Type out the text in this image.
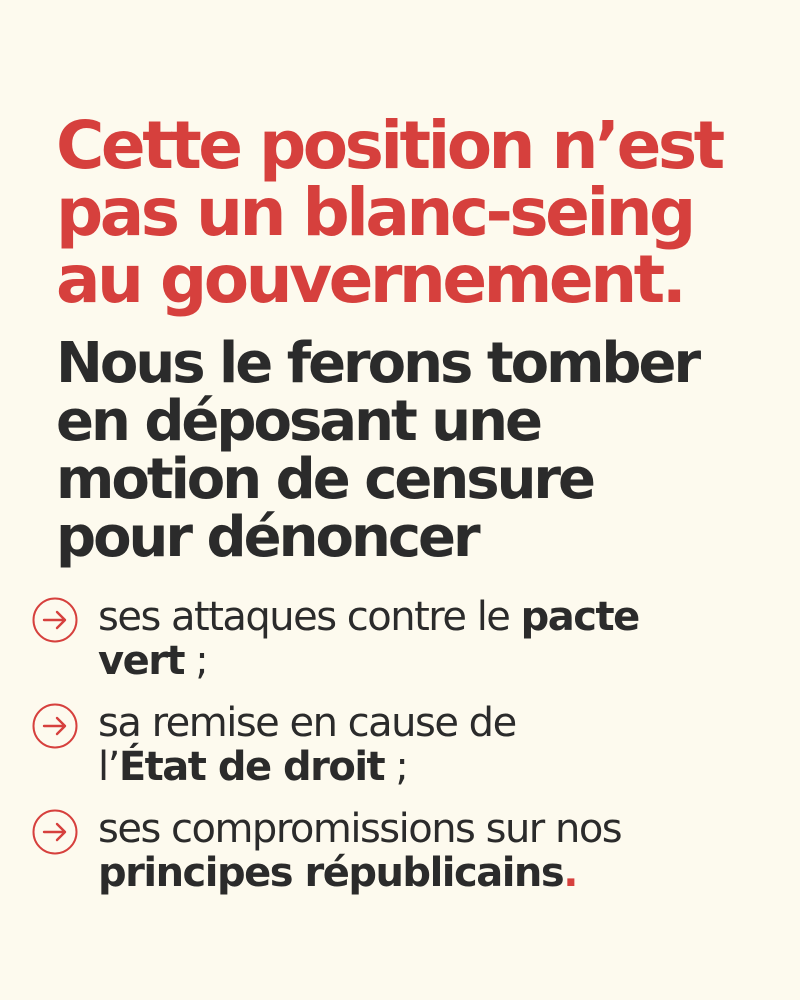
Cette position n’est
pas un blanc-seing
au gouvernement.
Nous le ferons tomber
en déposant une
motion de censure
pour dénoncer
ses attaques contre le pacte
vert ;
sa remise en cause de
l’État de droit ;
ses compromissions sur nos
principes républicains.
